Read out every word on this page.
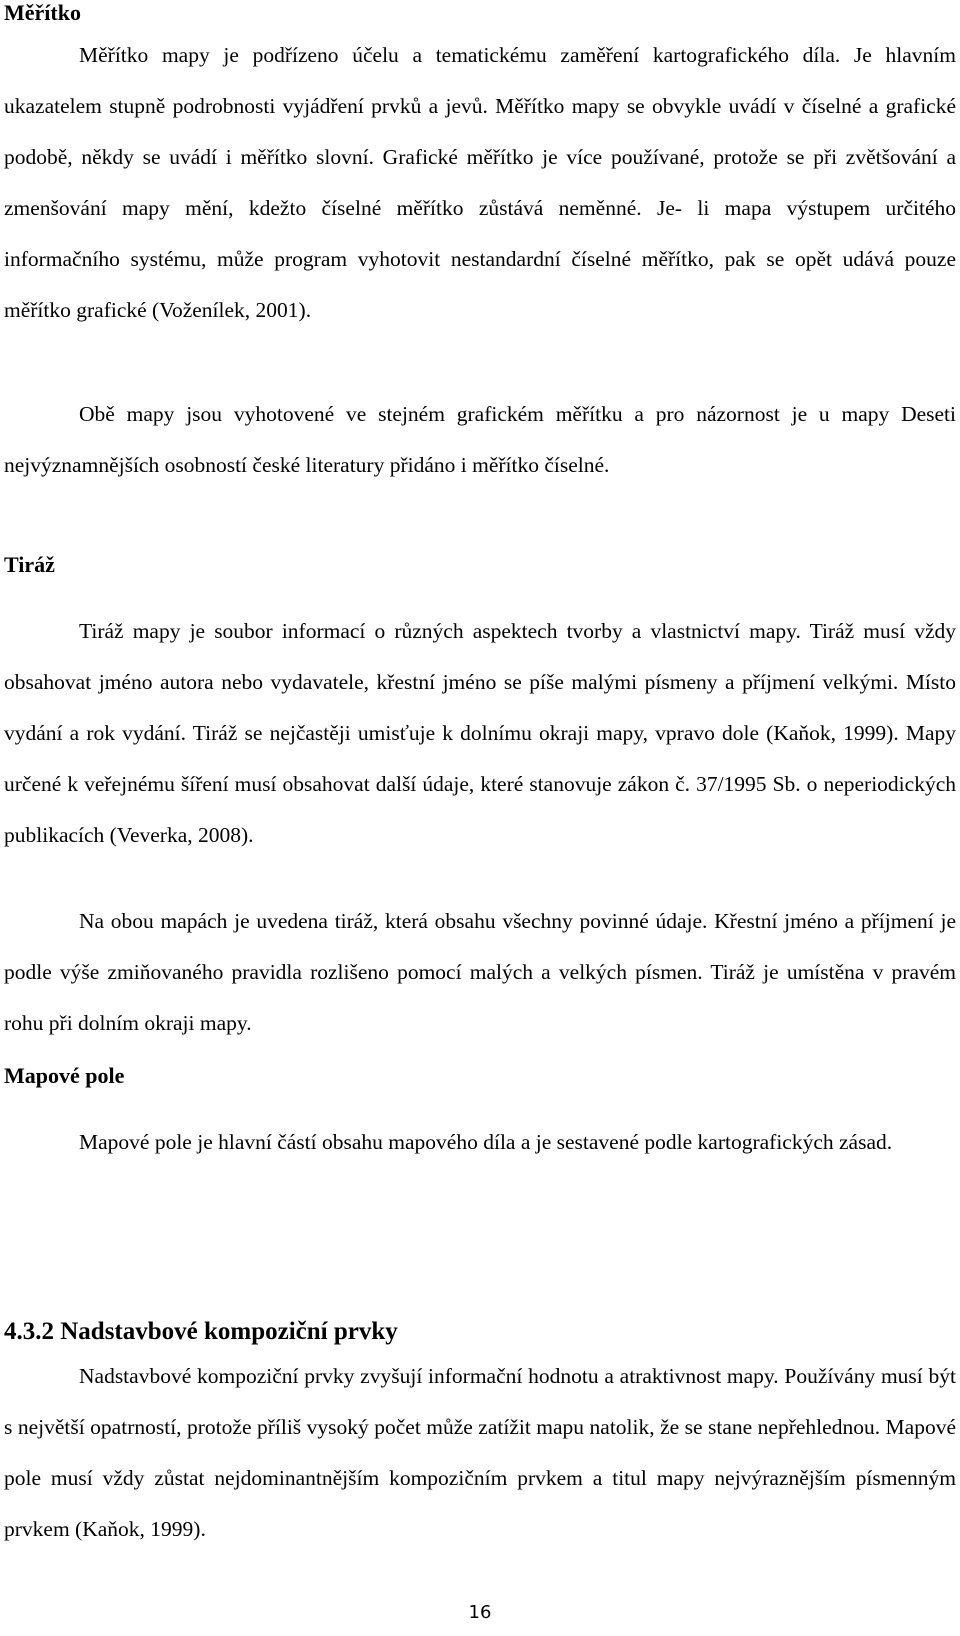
Měřítko

Měřítko mapy je podřízeno účelu a tematickému zaměření kartografického díla. Je hlavním ukazatelem stupně podrobnosti vyjádření prvků a jevů. Měřítko mapy se obvykle uvádí v číselné a grafické podobě, někdy se uvádí i měřítko slovní. Grafické měřítko je více používané, protože se při zvětšování a zmenšování mapy mění, kdežto číselné měřítko zůstává neměnné. Je- li mapa výstupem určitého informačního systému, může program vyhotovit nestandardní číselné měřítko, pak se opět udává pouze měřítko grafické (Voženílek, 2001).

Obě mapy jsou vyhotovené ve stejném grafickém měřítku a pro názornost je u mapy Deseti nejvýznamnějších osobností české literatury přidáno i měřítko číselné.

Tiráž

Tiráž mapy je soubor informací o různých aspektech tvorby a vlastnictví mapy. Tiráž musí vždy obsahovat jméno autora nebo vydavatele, křestní jméno se píše malými písmeny a příjmení velkými. Místo vydání a rok vydání. Tiráž se nejčastěji umisťuje k dolnímu okraji mapy, vpravo dole (Kaňok, 1999). Mapy určené k veřejnému šíření musí obsahovat další údaje, které stanovuje zákon č. 37/1995 Sb. o neperiodických publikacích (Veverka, 2008).

Na obou mapách je uvedena tiráž, která obsahu všechny povinné údaje. Křestní jméno a příjmení je podle výše zmiňovaného pravidla rozlišeno pomocí malých a velkých písmen. Tiráž je umístěna v pravém rohu při dolním okraji mapy.

Mapové pole

Mapové pole je hlavní částí obsahu mapového díla a je sestavené podle kartografických zásad.

4.3.2 Nadstavbové kompoziční prvky

Nadstavbové kompoziční prvky zvyšují informační hodnotu a atraktivnost mapy. Používány musí být s největší opatrností, protože příliš vysoký počet může zatížit mapu natolik, že se stane nepřehlednou. Mapové pole musí vždy zůstat nejdominantnějším kompozičním prvkem a titul mapy nejvýraznějším písmenným prvkem (Kaňok, 1999).

16
